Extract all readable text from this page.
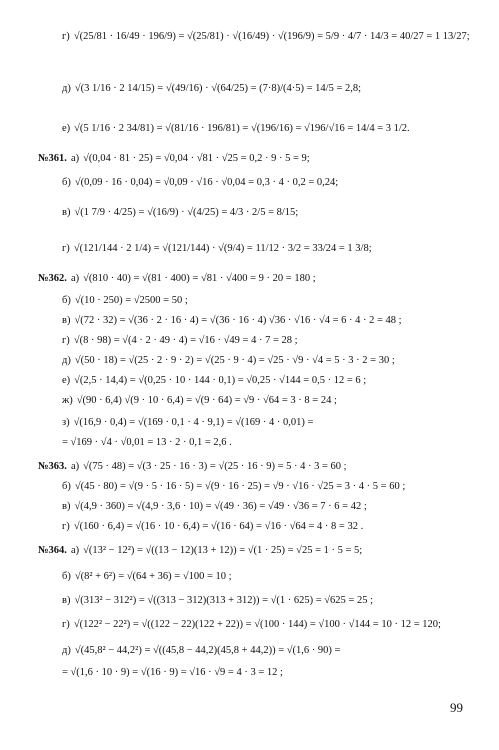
г) √(25/81 · 16/49 · 196/9) = √(25/81) · √(16/49) · √(196/9) = 5/9 · 4/7 · 14/3 = 40/27 = 1 13/27;
д) √(3 1/16 · 2 14/15) = √(49/16) · √(64/25) = (7·8)/(4·5) = 14/5 = 2,8;
е) √(5 1/16 · 2 34/81) = √(81/16 · 196/81) = √(196/16) = √196/√16 = 14/4 = 3 1/2.
№361. а) √(0,04 · 81 · 25) = √0,04 · √81 · √25 = 0,2 · 9 · 5 = 9;
б) √(0,09 · 16 · 0,04) = √0,09 · √16 · √0,04 = 0,3 · 4 · 0,2 = 0,24;
в) √(1 7/9 · 4/25) = √(16/9) · √(4/25) = 4/3 · 2/5 = 8/15;
г) √(121/144 · 2 1/4) = √(121/144) · √(9/4) = 11/12 · 3/2 = 33/24 = 1 3/8;
№362. а) √(810 · 40) = √(81 · 400) = √81 · √400 = 9 · 20 = 180 ;
б) √(10 · 250) = √2500 = 50 ;
в) √(72 · 32) = √(36 · 2 · 16 · 4) = √(36 · 16 · 4) √36 · √16 · √4 = 6 · 4 · 2 = 48 ;
г) √(8 · 98) = √(4 · 2 · 49 · 4) = √16 · √49 = 4 · 7 = 28 ;
д) √(50 · 18) = √(25 · 2 · 9 · 2) = √(25 · 9 · 4) = √25 · √9 · √4 = 5 · 3 · 2 = 30 ;
е) √(2,5 · 14,4) = √(0,25 · 10 · 144 · 0,1) = √0,25 · √144 = 0,5 · 12 = 6 ;
ж) √(90 · 6,4) √(9 · 10 · 6,4) = √(9 · 64) = √9 · √64 = 3 · 8 = 24 ;
з) √(16,9 · 0,4) = √(169 · 0,1 · 4 · 9,1) = √(169 · 4 · 0,01) =
= √169 · √4 · √0,01 = 13 · 2 · 0,1 = 2,6 .
№363. а) √(75 · 48) = √(3 · 25 · 16 · 3) = √(25 · 16 · 9) = 5 · 4 · 3 = 60 ;
б) √(45 · 80) = √(9 · 5 · 16 · 5) = √(9 · 16 · 25) = √9 · √16 · √25 = 3 · 4 · 5 = 60 ;
в) √(4,9 · 360) = √(4,9 · 3,6 · 10) = √(49 · 36) = √49 · √36 = 7 · 6 = 42 ;
г) √(160 · 6,4) = √(16 · 10 · 6,4) = √(16 · 64) = √16 · √64 = 4 · 8 = 32 .
№364. а) √(13² − 12²) = √((13 − 12)(13 + 12)) = √(1 · 25) = √25 = 1 · 5 = 5;
б) √(8² + 6²) = √(64 + 36) = √100 = 10 ;
в) √(313² − 312²) = √((313 − 312)(313 + 312)) = √(1 · 625) = √625 = 25 ;
г) √(122² − 22²) = √((122 − 22)(122 + 22)) = √(100 · 144) = √100 · √144 = 10 · 12 = 120;
д) √(45,8² − 44,2²) = √((45,8 − 44,2)(45,8 + 44,2)) = √(1,6 · 90) =
= √(1,6 · 10 · 9) = √(16 · 9) = √16 · √9 = 4 · 3 = 12 ;
99
